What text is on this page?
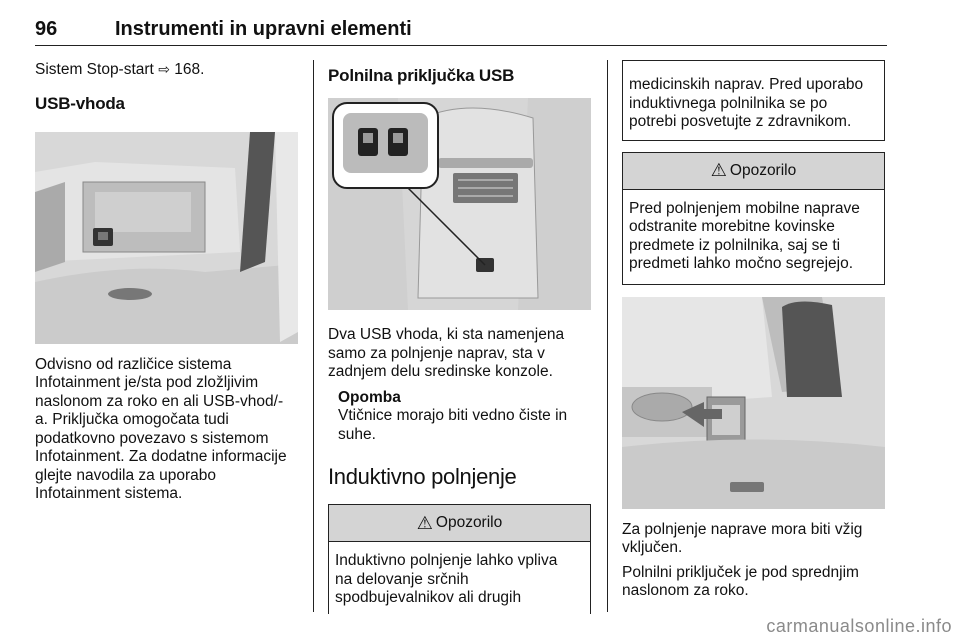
96	Instrumenti in upravni elementi
Sistem Stop-start ⇨ 168.
USB-vhoda

Odvisno od različice sistema

Infotainment je/sta pod zložljivim

naslonom za roko en ali USB-vhod/-

a. Priključka omogočata tudi

podatkovno povezavo s sistemom

Infotainment. Za dodatne informacije

glejte navodila za uporabo

Infotainment sistema.

Polnilna priključka USB

Dva USB vhoda, ki sta namenjena

samo za polnjenje naprav, sta v

zadnjem delu sredinske konzole.

Opomba

Vtičnice morajo biti vedno čiste in

suhe.

Induktivno polnjenje
⚠ Opozorilo

Induktivno polnjenje lahko vpliva

na delovanje srčnih

spodbujevalnikov ali drugih

medicinskih naprav. Pred uporabo

induktivnega polnilnika se po

potrebi posvetujte z zdravnikom.

⚠ Opozorilo

Pred polnjenjem mobilne naprave

odstranite morebitne kovinske

predmete iz polnilnika, saj se ti

predmeti lahko močno segrejejo.

Za polnjenje naprave mora biti vžig

vključen.

Polnilni priključek je pod sprednjim

naslonom za roko.

carmanualsonline.info
